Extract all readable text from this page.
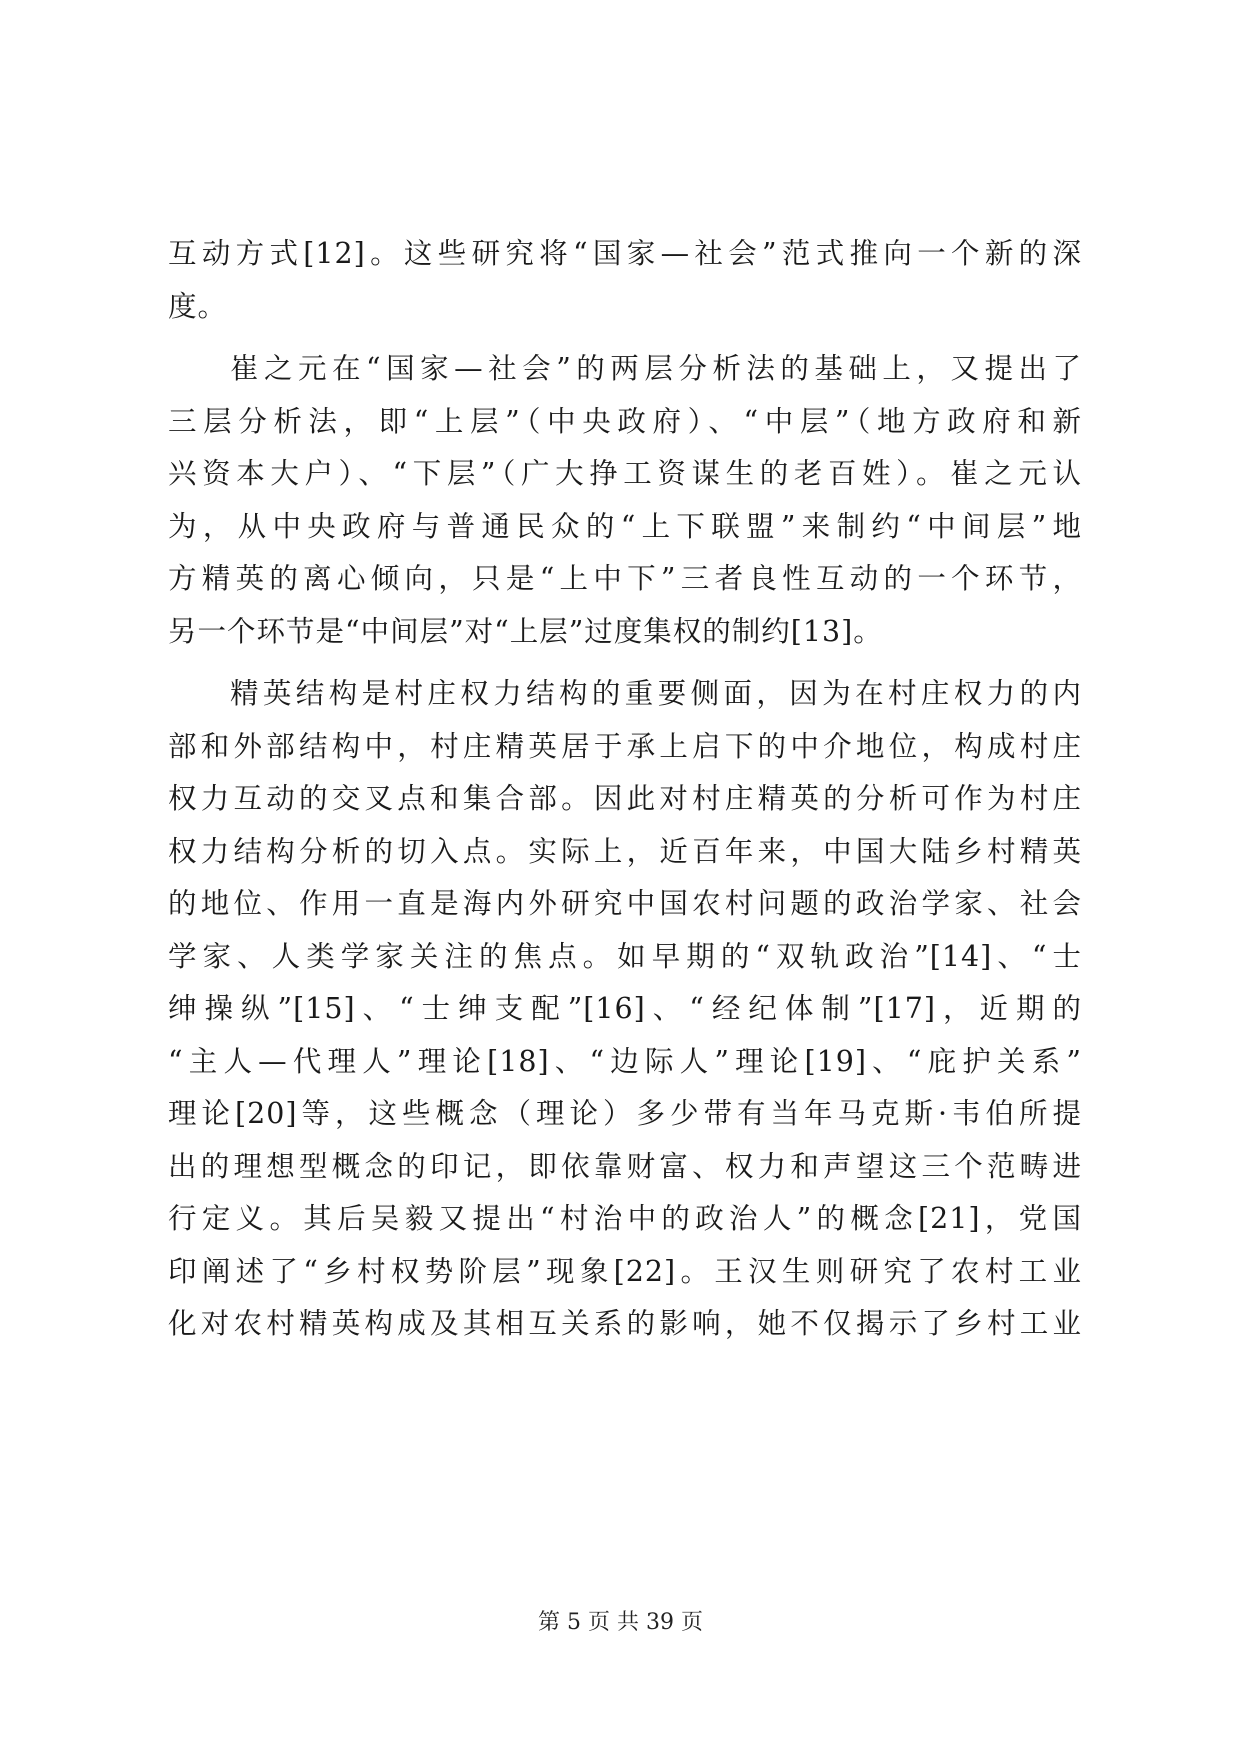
互动方式[12]。这些研究将“国家—社会”范式推向一个新的深
度。
崔之元在“国家—社会”的两层分析法的基础上，又提出了
三层分析法，即“上层”（中央政府）、“中层”（地方政府和新
兴资本大户）、“下层”（广大挣工资谋生的老百姓）。崔之元认
为，从中央政府与普通民众的“上下联盟”来制约“中间层”地
方精英的离心倾向，只是“上中下”三者良性互动的一个环节，
另一个环节是“中间层”对“上层”过度集权的制约[13]。
精英结构是村庄权力结构的重要侧面，因为在村庄权力的内
部和外部结构中，村庄精英居于承上启下的中介地位，构成村庄
权力互动的交叉点和集合部。因此对村庄精英的分析可作为村庄
权力结构分析的切入点。实际上，近百年来，中国大陆乡村精英
的地位、作用一直是海内外研究中国农村问题的政治学家、社会
学家、人类学家关注的焦点。如早期的“双轨政治”[14]、“士
绅操纵”[15]、“士绅支配”[16]、“经纪体制”[17]，近期的
“主人—代理人”理论[18]、“边际人”理论[19]、“庇护关系”
理论[20]等，这些概念（理论）多少带有当年马克斯·韦伯所提
出的理想型概念的印记，即依靠财富、权力和声望这三个范畴进
行定义。其后吴毅又提出“村治中的政治人”的概念[21]，党国
印阐述了“乡村权势阶层”现象[22]。王汉生则研究了农村工业
化对农村精英构成及其相互关系的影响，她不仅揭示了乡村工业
第 5 页 共 39 页
